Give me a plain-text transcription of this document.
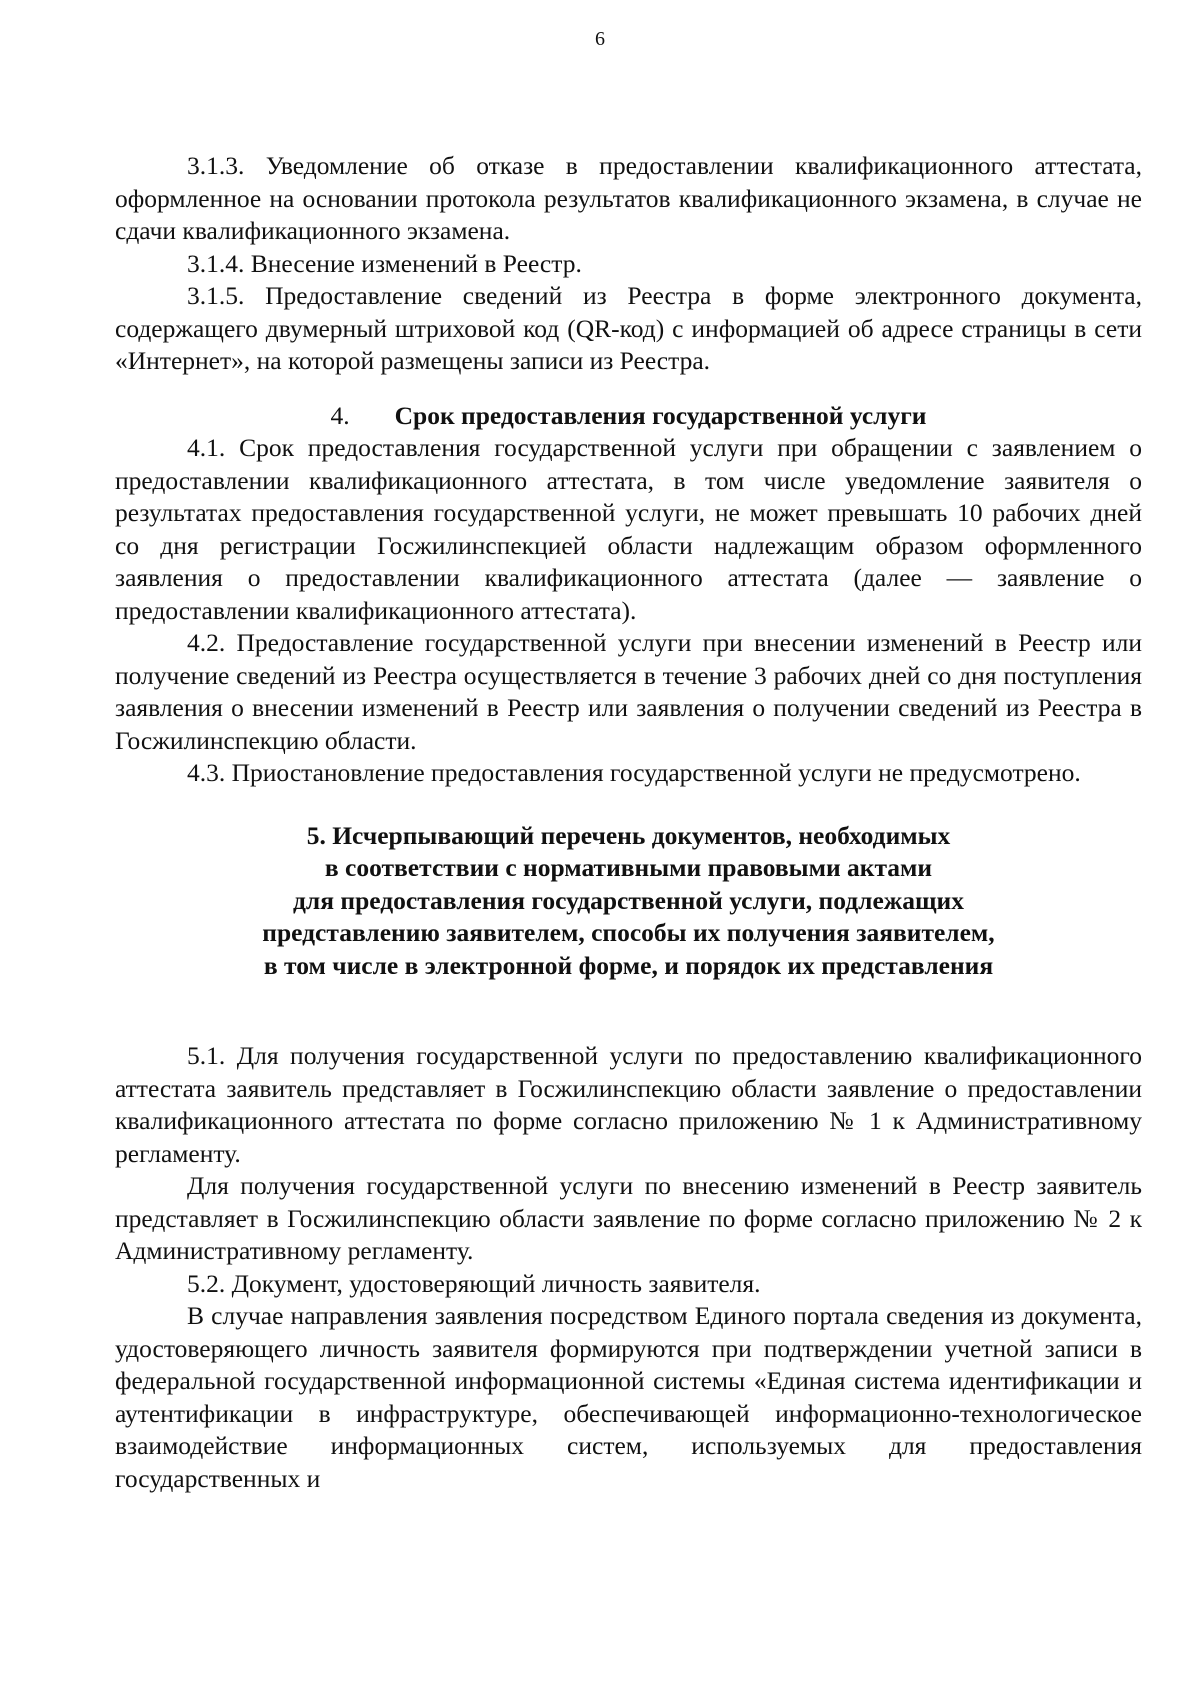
6

3.1.3. Уведомление об отказе в предоставлении квалификационного аттестата, оформленное на основании протокола результатов квалификационного экзамена, в случае не сдачи квалификационного экзамена.

3.1.4. Внесение изменений в Реестр.

3.1.5. Предоставление сведений из Реестра в форме электронного документа, содержащего двумерный штриховой код (QR-код) с информацией об адресе страницы в сети «Интернет», на которой размещены записи из Реестра.

4. Срок предоставления государственной услуги

4.1. Срок предоставления государственной услуги при обращении с заявлением о предоставлении квалификационного аттестата, в том числе уведомление заявителя о результатах предоставления государственной услуги, не может превышать 10 рабочих дней со дня регистрации Госжилинспекцией области надлежащим образом оформленного заявления о предоставлении квалификационного аттестата (далее — заявление о предоставлении квалификационного аттестата).

4.2. Предоставление государственной услуги при внесении изменений в Реестр или получение сведений из Реестра осуществляется в течение 3 рабочих дней со дня поступления заявления о внесении изменений в Реестр или заявления о получении сведений из Реестра в Госжилинспекцию области.

4.3. Приостановление предоставления государственной услуги не предусмотрено.

5. Исчерпывающий перечень документов, необходимых
в соответствии с нормативными правовыми актами
для предоставления государственной услуги, подлежащих
представлению заявителем, способы их получения заявителем,
в том числе в электронной форме, и порядок их представления

5.1. Для получения государственной услуги по предоставлению квалификационного аттестата заявитель представляет в Госжилинспекцию области заявление о предоставлении квалификационного аттестата по форме согласно приложению № 1 к Административному регламенту.

Для получения государственной услуги по внесению изменений в Реестр заявитель представляет в Госжилинспекцию области заявление по форме согласно приложению № 2 к Административному регламенту.

5.2. Документ, удостоверяющий личность заявителя.

В случае направления заявления посредством Единого портала сведения из документа, удостоверяющего личность заявителя формируются при подтверждении учетной записи в федеральной государственной информационной системы «Единая система идентификации и аутентификации в инфраструктуре, обеспечивающей информационно-технологическое взаимодействие информационных систем, используемых для предоставления государственных и
